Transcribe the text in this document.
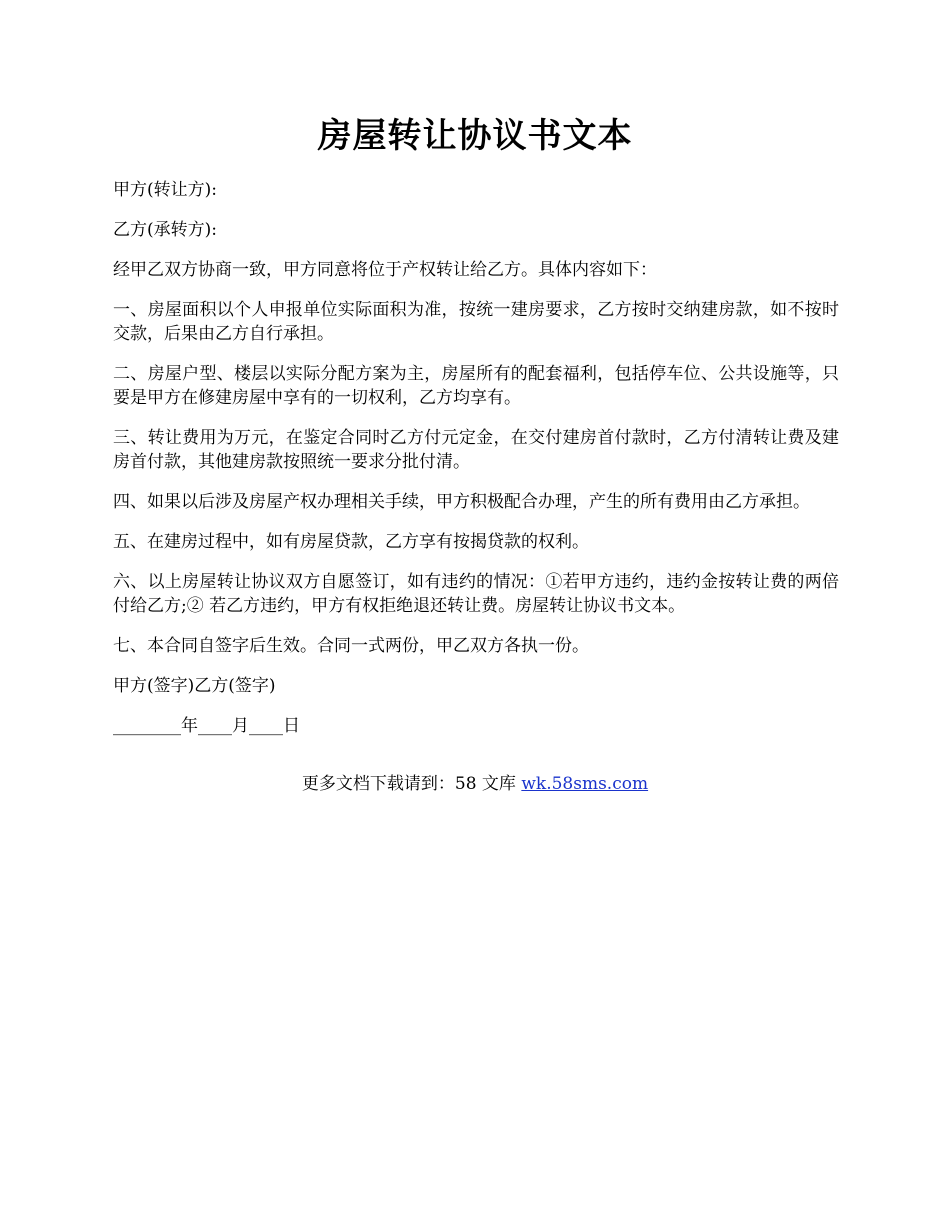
房屋转让协议书文本

甲方(转让方):

乙方(承转方):

经甲乙双方协商一致，甲方同意将位于产权转让给乙方。具体内容如下：

一、房屋面积以个人申报单位实际面积为准，按统一建房要求，乙方按时交纳建房款，如不按时交款，后果由乙方自行承担。

二、房屋户型、楼层以实际分配方案为主，房屋所有的配套福利，包括停车位、公共设施等，只要是甲方在修建房屋中享有的一切权利，乙方均享有。

三、转让费用为万元，在鉴定合同时乙方付元定金，在交付建房首付款时，乙方付清转让费及建房首付款，其他建房款按照统一要求分批付清。

四、如果以后涉及房屋产权办理相关手续，甲方积极配合办理，产生的所有费用由乙方承担。

五、在建房过程中，如有房屋贷款，乙方享有按揭贷款的权利。

六、以上房屋转让协议双方自愿签订，如有违约的情况：①若甲方违约，违约金按转让费的两倍付给乙方;② 若乙方违约，甲方有权拒绝退还转让费。房屋转让协议书文本。

七、本合同自签字后生效。合同一式两份，甲乙双方各执一份。

甲方(签字)乙方(签字)

________年____月____日

更多文档下载请到：58 文库 wk.58sms.com
